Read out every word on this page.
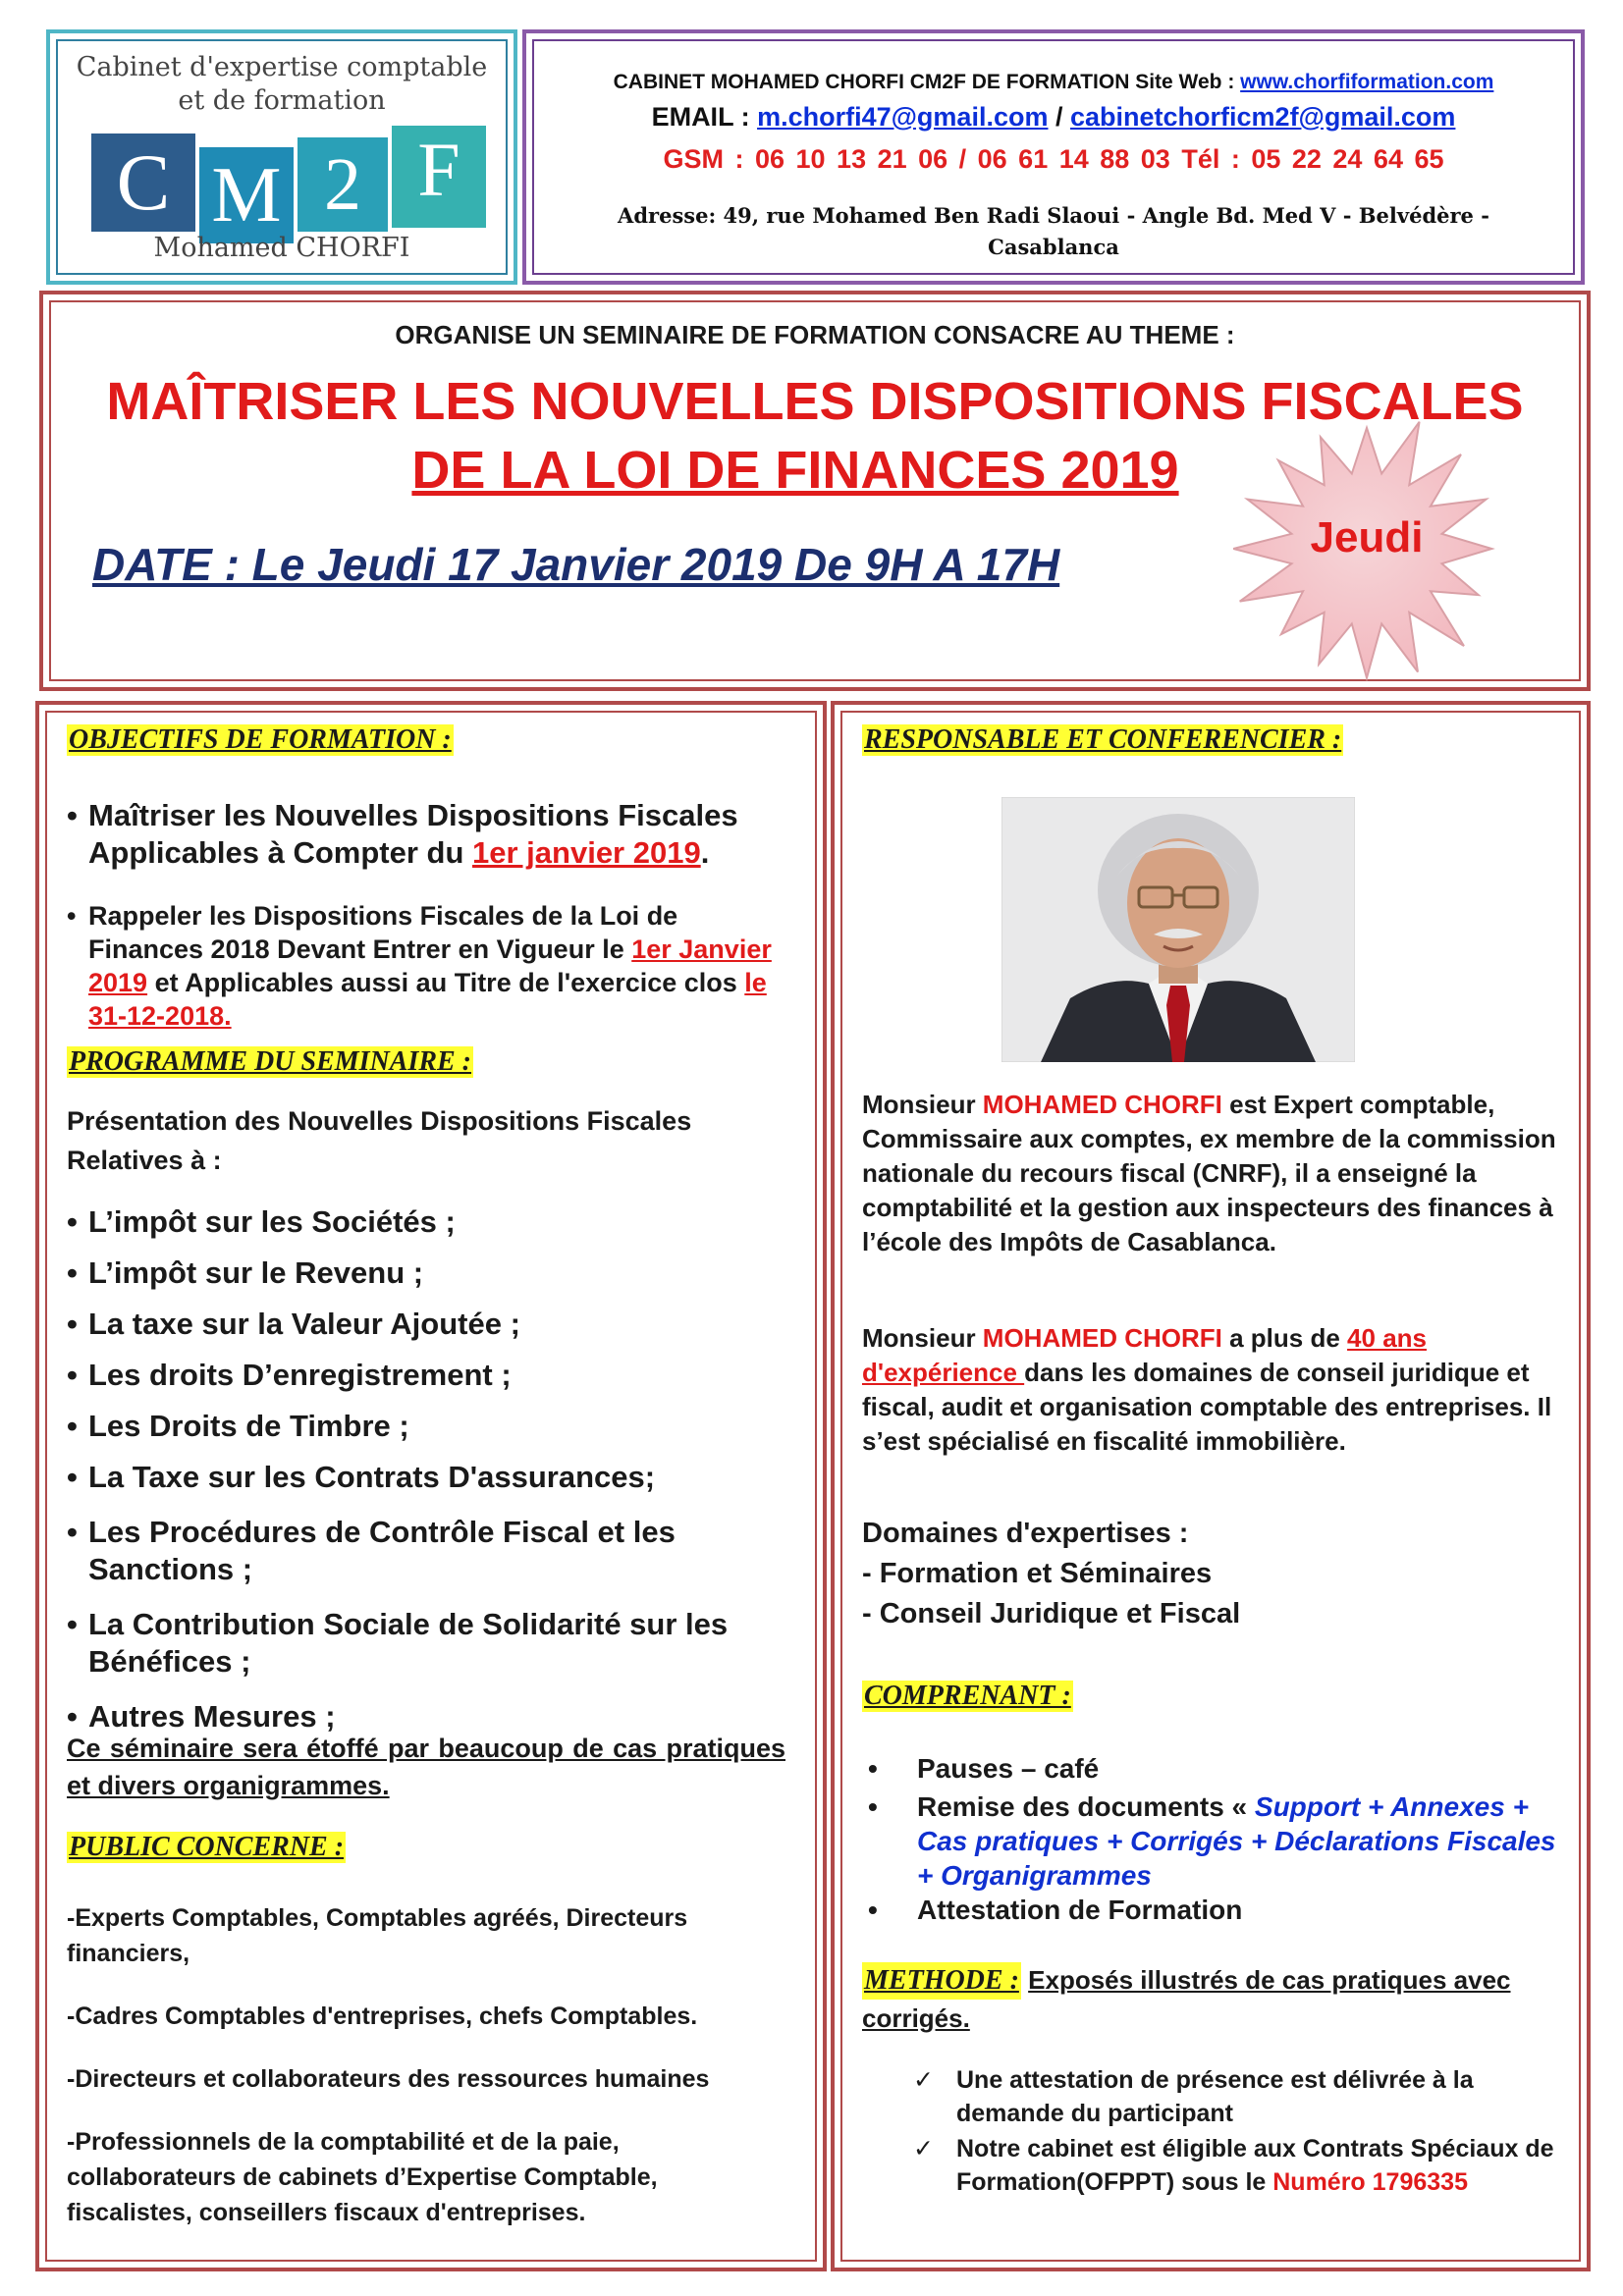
Cabinet d'expertise comptable
et de formation
C M 2 F
Mohamed CHORFI
CABINET MOHAMED CHORFI CM2F DE FORMATION Site Web : www.chorfiformation.com
EMAIL : m.chorfi47@gmail.com / cabinetchorficm2f@gmail.com
GSM : 06 10 13 21 06 / 06 61 14 88 03 Tél : 05 22 24 64 65
Adresse: 49, rue Mohamed Ben Radi Slaoui - Angle Bd. Med V - Belvédère - Casablanca
ORGANISE UN SEMINAIRE DE FORMATION CONSACRE AU THEME :
MAÎTRISER LES NOUVELLES DISPOSITIONS FISCALES
DE LA LOI DE FINANCES 2019
DATE : Le Jeudi 17 Janvier 2019 De 9H A 17H
Jeudi
OBJECTIFS DE FORMATION :
• Maîtriser les Nouvelles Dispositions Fiscales Applicables à Compter du 1er janvier 2019.
• Rappeler les Dispositions Fiscales de la Loi de Finances 2018 Devant Entrer en Vigueur le 1er Janvier 2019 et Applicables aussi au Titre de l'exercice clos le 31-12-2018.
PROGRAMME DU SEMINAIRE :
Présentation des Nouvelles Dispositions Fiscales Relatives à :
• L’impôt sur les Sociétés ;
• L’impôt sur le Revenu ;
• La taxe sur la Valeur Ajoutée ;
• Les droits D’enregistrement ;
• Les Droits de Timbre ;
• La Taxe sur les Contrats D'assurances;
• Les Procédures de Contrôle Fiscal et les Sanctions ;
• La Contribution Sociale de Solidarité sur les Bénéfices ;
• Autres Mesures ;
Ce séminaire sera étoffé par beaucoup de cas pratiques et divers organigrammes.
PUBLIC CONCERNE :
-Experts Comptables, Comptables agréés, Directeurs financiers,
-Cadres Comptables d'entreprises, chefs Comptables.
-Directeurs et collaborateurs des ressources humaines
-Professionnels de la comptabilité et de la paie, collaborateurs de cabinets d’Expertise Comptable, fiscalistes, conseillers fiscaux d'entreprises.
RESPONSABLE ET CONFERENCIER :
Monsieur MOHAMED CHORFI est Expert comptable, Commissaire aux comptes, ex membre de la commission nationale du recours fiscal (CNRF), il a enseigné la comptabilité et la gestion aux inspecteurs des finances à l’école des Impôts de Casablanca.
Monsieur MOHAMED CHORFI a plus de 40 ans d'expérience dans les domaines de conseil juridique et fiscal, audit et organisation comptable des entreprises. Il s’est spécialisé en fiscalité immobilière.
Domaines d'expertises :
- Formation et Séminaires
- Conseil Juridique et Fiscal
COMPRENANT :
• Pauses – café
• Remise des documents « Support + Annexes + Cas pratiques + Corrigés + Déclarations Fiscales + Organigrammes
• Attestation de Formation
METHODE : Exposés illustrés de cas pratiques avec corrigés.
✓ Une attestation de présence est délivrée à la demande du participant
✓ Notre cabinet est éligible aux Contrats Spéciaux de Formation(OFPPT) sous le Numéro 1796335
